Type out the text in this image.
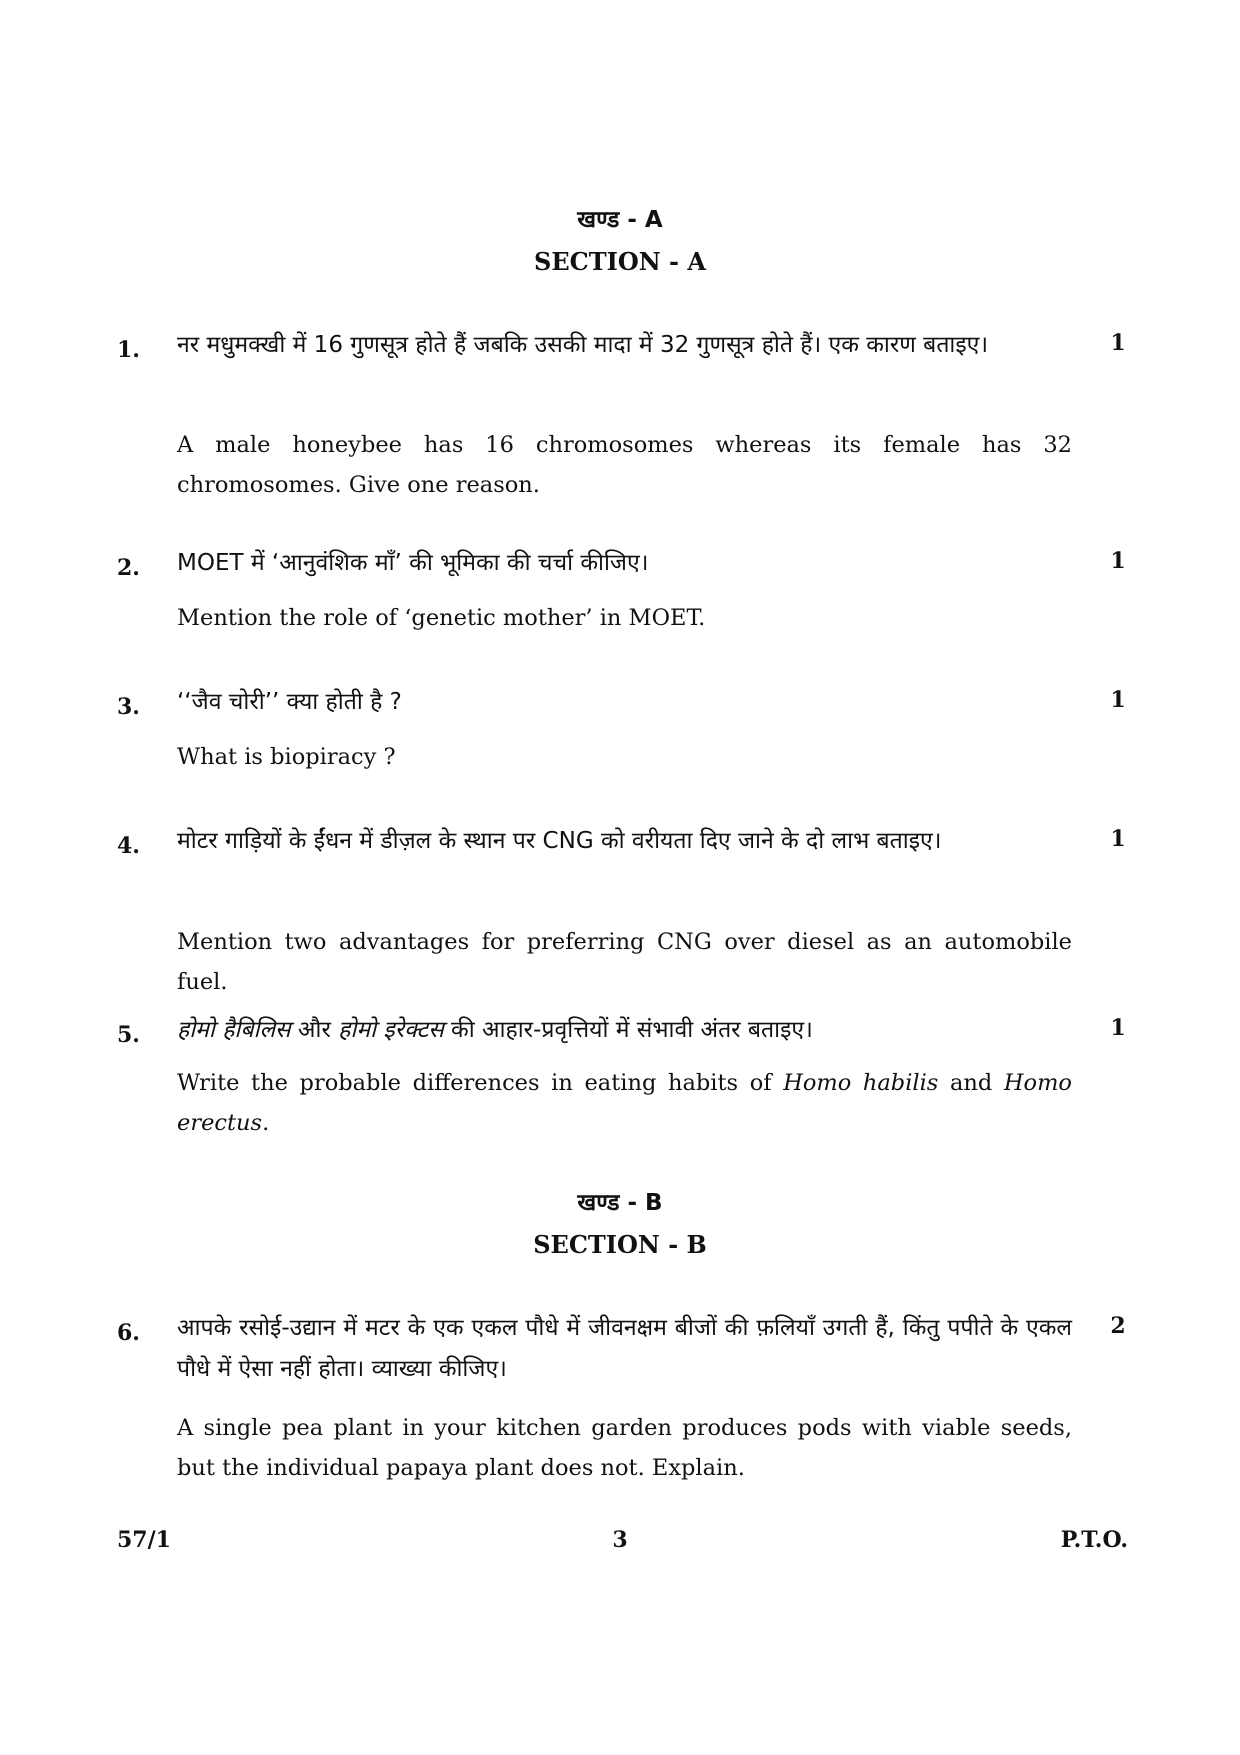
खण्ड - A
SECTION - A
1.	1
नर मधुमक्खी में 16 गुणसूत्र होते हैं जबकि उसकी मादा में 32 गुणसूत्र होते हैं। एक कारण बताइए।
A male honeybee has 16 chromosomes whereas its female has 32 chromosomes. Give one reason.
2.	1
MOET में ‘आनुवंशिक माँ’ की भूमिका की चर्चा कीजिए।
Mention the role of ‘genetic mother’ in MOET.
3.	1
‘‘जैव चोरी’’ क्या होती है ?
What is biopiracy ?
4.	1
मोटर गाड़ियों के ईंधन में डीज़ल के स्थान पर CNG को वरीयता दिए जाने के दो लाभ बताइए।
Mention two advantages for preferring CNG over diesel as an automobile fuel.
5.	1
होमो हैबिलिस और होमो इरेक्टस की आहार-प्रवृत्तियों में संभावी अंतर बताइए।
Write the probable differences in eating habits of Homo habilis and Homo erectus.
खण्ड - B
SECTION - B
6.	2
आपके रसोई-उद्यान में मटर के एक एकल पौधे में जीवनक्षम बीजों की फ़लियाँ उगती हैं, किंतु पपीते के एकल पौधे में ऐसा नहीं होता। व्याख्या कीजिए।
A single pea plant in your kitchen garden produces pods with viable seeds, but the individual papaya plant does not. Explain.
57/1	3	P.T.O.
